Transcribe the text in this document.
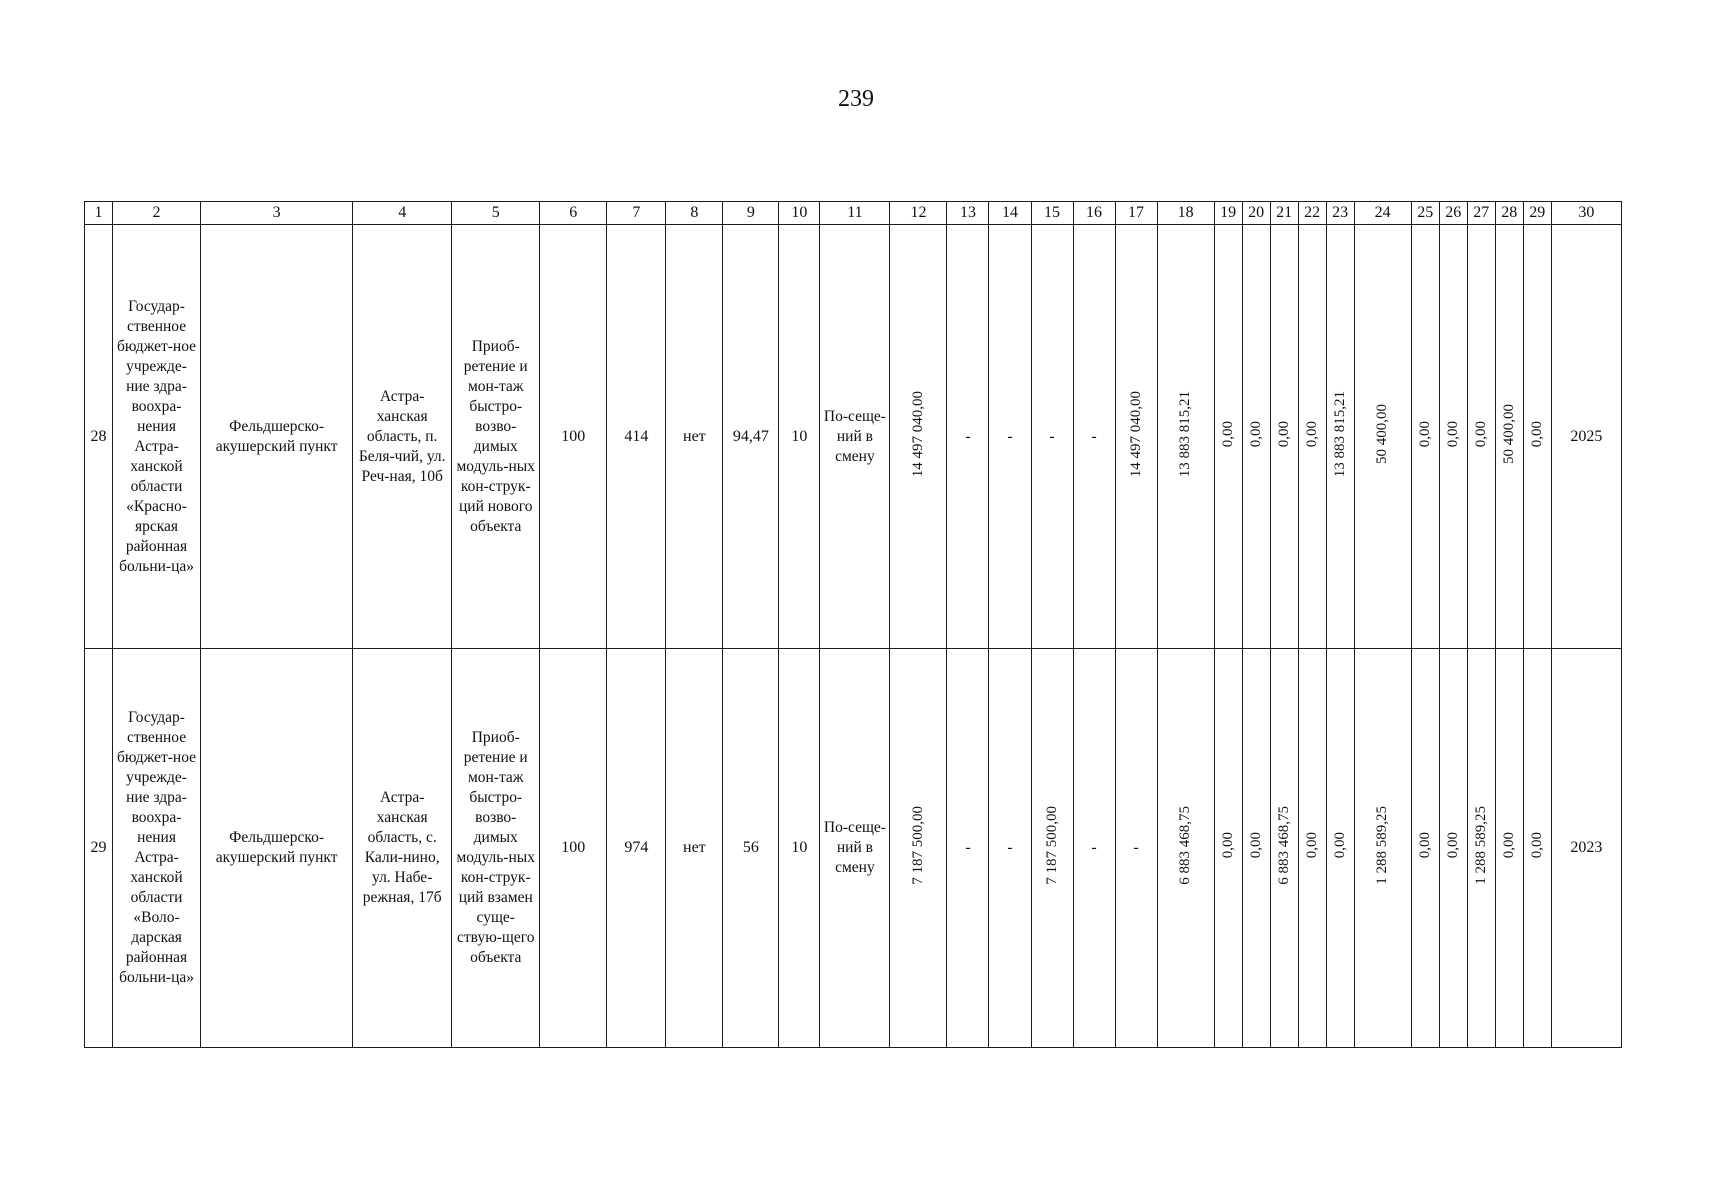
239
1	2	3	4	5	6	7	8	9	10	11	12	13	14	15	16	17	18	19	20	21	22	23	24	25	26	27	28	29	30
28	Государ-ственное бюджет-ное учрежде-ние здра-воохра-нения Астра-ханской области «Красно-ярская районная больни-ца»	Фельдшерско-акушерский пункт	Астра-ханская область, п. Беля-чий, ул. Реч-ная, 10б	Приоб-ретение и мон-таж быстро-возво-димых модуль-ных кон-струк-ций нового объекта	100	414	нет	94,47	10	По-сеще-ний в смену	14 497 040,00	-	-	-	-	14 497 040,00	13 883 815,21	0,00	0,00	0,00	0,00	13 883 815,21	50 400,00	0,00	0,00	0,00	50 400,00	0,00	2025
29	Государ-ственное бюджет-ное учрежде-ние здра-воохра-нения Астра-ханской области «Воло-дарская районная больни-ца»	Фельдшерско-акушерский пункт	Астра-ханская область, с. Кали-нино, ул. Набе-режная, 17б	Приоб-ретение и мон-таж быстро-возво-димых модуль-ных кон-струк-ций взамен суще-ствую-щего объекта	100	974	нет	56	10	По-сеще-ний в смену	7 187 500,00	-	-	7 187 500,00	-	-	6 883 468,75	0,00	0,00	6 883 468,75	0,00	0,00	1 288 589,25	0,00	0,00	1 288 589,25	0,00	0,00	2023
